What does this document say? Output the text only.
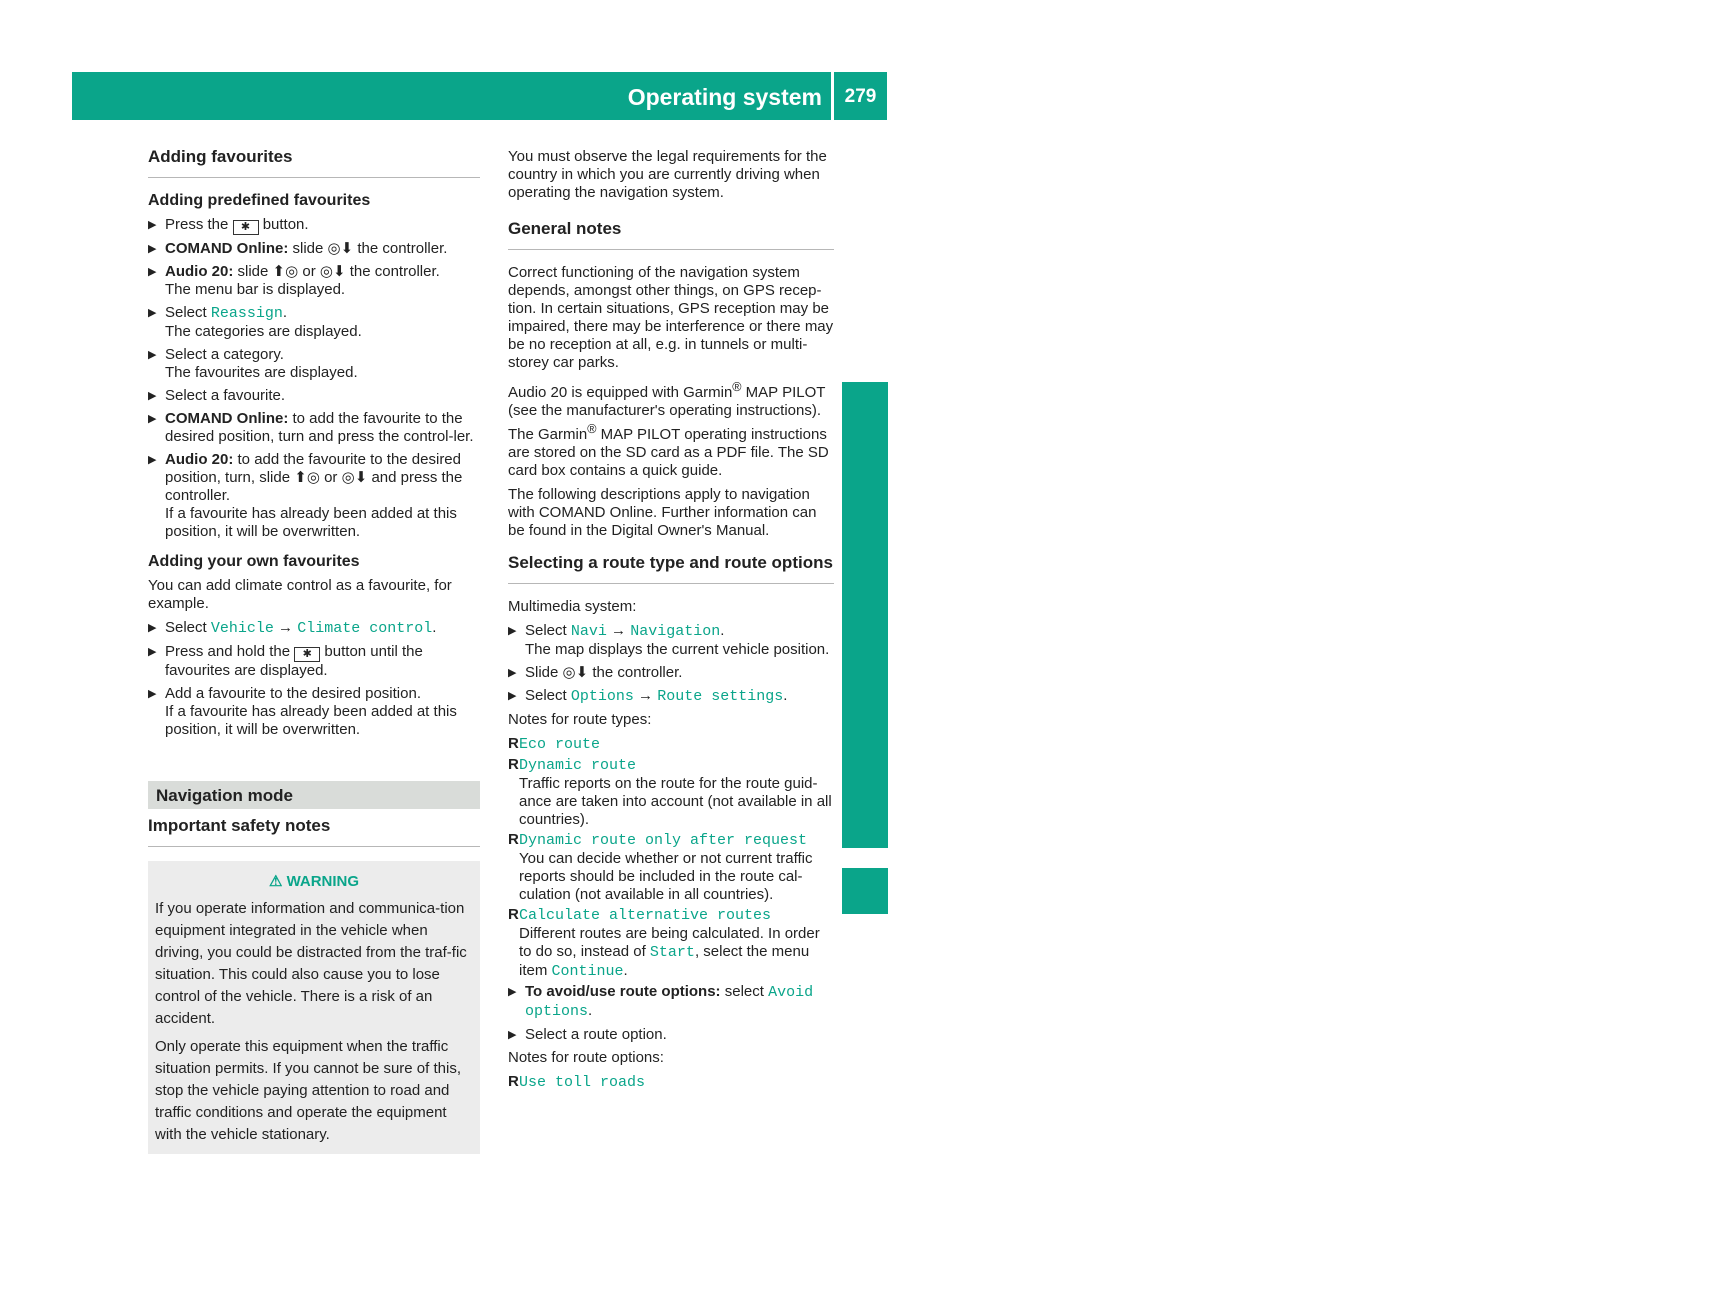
Operating system	279
Multimedia system
Adding favourites
Adding predefined favourites
▶ Press the ✱ button.
▶ COMAND Online: slide ◎⬇ the controller.
▶ Audio 20: slide ⬆◎ or ◎⬇ the controller.
The menu bar is displayed.
▶ Select Reassign.
The categories are displayed.
▶ Select a category.
The favourites are displayed.
▶ Select a favourite.
▶ COMAND Online: to add the favourite to the desired position, turn and press the control-ler.
▶ Audio 20: to add the favourite to the desired position, turn, slide ⬆◎ or ◎⬇ and press the controller.
If a favourite has already been added at this position, it will be overwritten.
Adding your own favourites
You can add climate control as a favourite, for example.
▶ Select Vehicle → Climate control.
▶ Press and hold the ✱ button until the favourites are displayed.
▶ Add a favourite to the desired position.
If a favourite has already been added at this position, it will be overwritten.
Navigation mode
Important safety notes
⚠ WARNING
If you operate information and communica-tion equipment integrated in the vehicle when driving, you could be distracted from the traf-fic situation. This could also cause you to lose control of the vehicle. There is a risk of an accident.
Only operate this equipment when the traffic situation permits. If you cannot be sure of this, stop the vehicle paying attention to road and traffic conditions and operate the equipment with the vehicle stationary.
You must observe the legal requirements for the country in which you are currently driving when operating the navigation system.
General notes
Correct functioning of the navigation system depends, amongst other things, on GPS recep-tion. In certain situations, GPS reception may be impaired, there may be interference or there may be no reception at all, e.g. in tunnels or multi-storey car parks.
Audio 20 is equipped with Garmin® MAP PILOT (see the manufacturer's operating instructions). The Garmin® MAP PILOT operating instructions are stored on the SD card as a PDF file. The SD card box contains a quick guide.
The following descriptions apply to navigation with COMAND Online. Further information can be found in the Digital Owner's Manual.
Selecting a route type and route options
Multimedia system:
▶ Select Navi → Navigation.
The map displays the current vehicle position.
▶ Slide ◎⬇ the controller.
▶ Select Options → Route settings.
Notes for route types:
R Eco route
R Dynamic route
Traffic reports on the route for the route guid-ance are taken into account (not available in all countries).
R Dynamic route only after request
You can decide whether or not current traffic reports should be included in the route cal-culation (not available in all countries).
R Calculate alternative routes
Different routes are being calculated. In order to do so, instead of Start, select the menu item Continue.
▶ To avoid/use route options: select Avoid
options.
▶ Select a route option.
Notes for route options:
R Use toll roads
